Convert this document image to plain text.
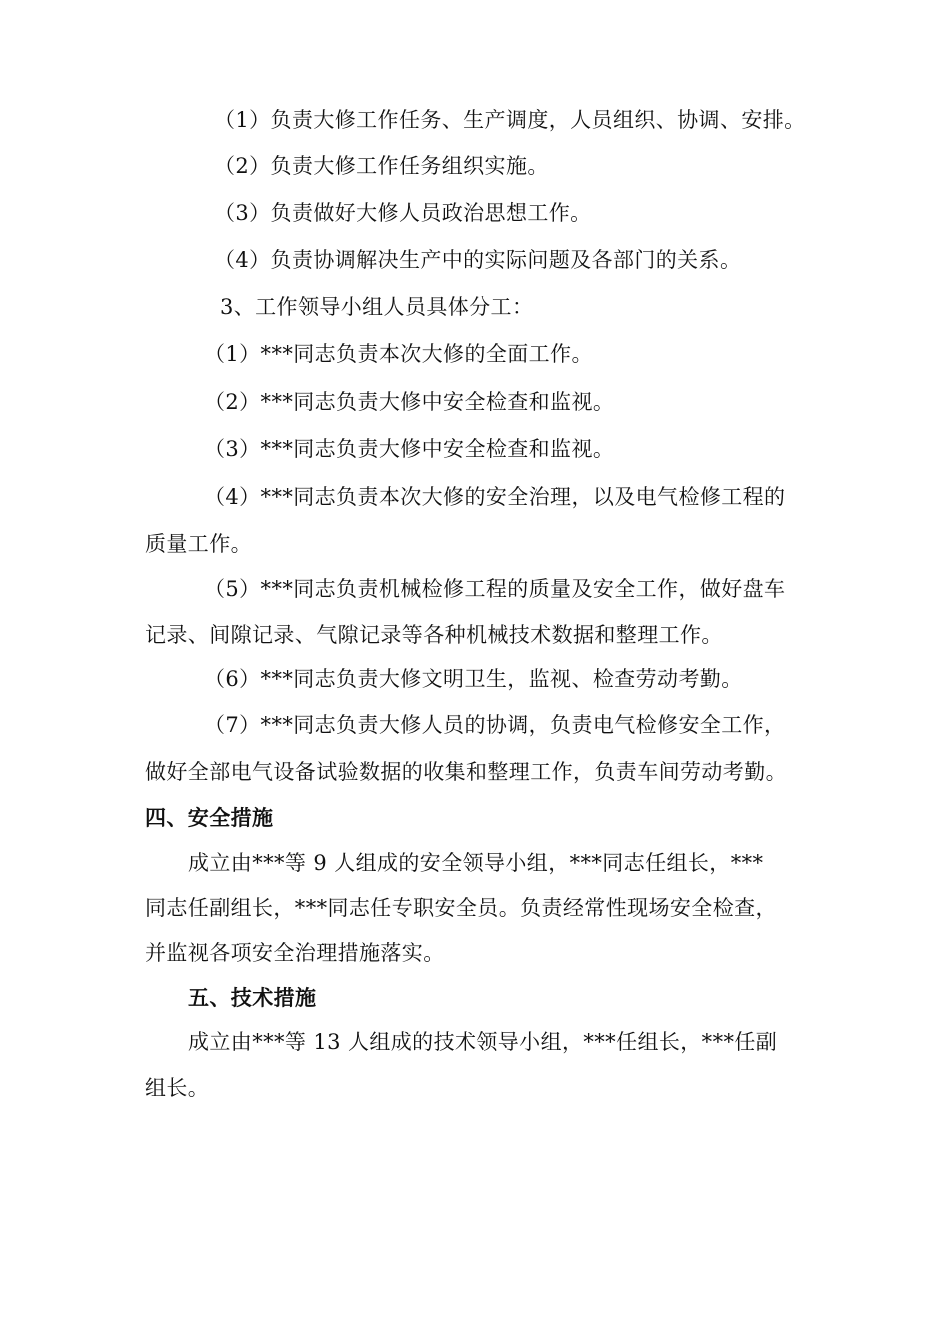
（1）负责大修工作任务、生产调度，人员组织、协调、安排。

（2）负责大修工作任务组织实施。

（3）负责做好大修人员政治思想工作。

（4）负责协调解决生产中的实际问题及各部门的关系。

3、工作领导小组人员具体分工：

（1）***同志负责本次大修的全面工作。

（2）***同志负责大修中安全检查和监视。

（3）***同志负责大修中安全检查和监视。

（4）***同志负责本次大修的安全治理，以及电气检修工程的

质量工作。

（5）***同志负责机械检修工程的质量及安全工作，做好盘车

记录、间隙记录、气隙记录等各种机械技术数据和整理工作。

（6）***同志负责大修文明卫生，监视、检查劳动考勤。

（7）***同志负责大修人员的协调，负责电气检修安全工作，

做好全部电气设备试验数据的收集和整理工作，负责车间劳动考勤。

四、安全措施

成立由***等 9 人组成的安全领导小组，***同志任组长，***

同志任副组长，***同志任专职安全员。负责经常性现场安全检查，

并监视各项安全治理措施落实。

五、技术措施

成立由***等 13 人组成的技术领导小组，***任组长，***任副

组长。
